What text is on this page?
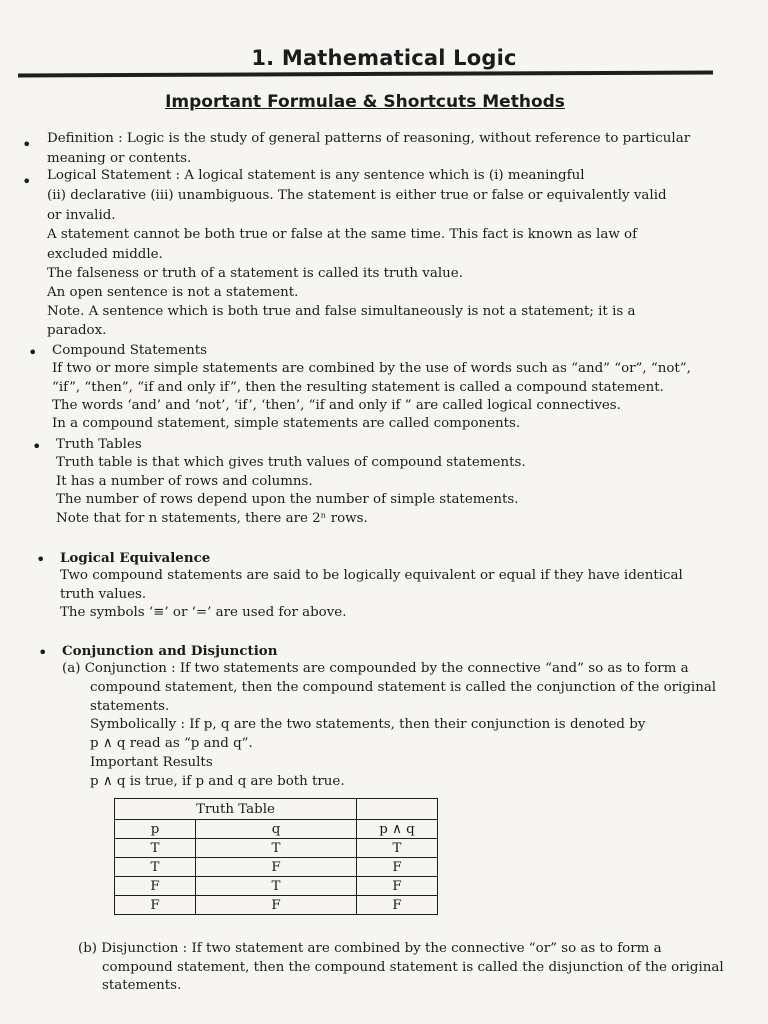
1. Mathematical Logic
Important Formulae & Shortcuts Methods
• Definition : Logic is the study of general patterns of reasoning, without reference to particular
meaning or contents.
• Logical Statement : A logical statement is any sentence which is (i) meaningful
(ii) declarative (iii) unambiguous. The statement is either true or false or equivalently valid
or invalid.
A statement cannot be both true or false at the same time. This fact is known as law of
excluded middle.
The falseness or truth of a statement is called its truth value.
An open sentence is not a statement.
Note. A sentence which is both true and false simultaneously is not a statement; it is a
paradox.
• Compound Statements
If two or more simple statements are combined by the use of words such as “and” “or”, “not”,
“if”, “then”, “if and only if”, then the resulting statement is called a compound statement.
The words ‘and’ and ‘not’, ‘if’, ‘then’, “if and only if ” are called logical connectives.
In a compound statement, simple statements are called components.
• Truth Tables
Truth table is that which gives truth values of compound statements.
It has a number of rows and columns.
The number of rows depend upon the number of simple statements.
Note that for n statements, there are 2ⁿ rows.
• Logical Equivalence
Two compound statements are said to be logically equivalent or equal if they have identical
truth values.
The symbols ‘≡’ or ‘=’ are used for above.
• Conjunction and Disjunction
(a) Conjunction : If two statements are compounded by the connective “and” so as to form a
compound statement, then the compound statement is called the conjunction of the original
statements.
Symbolically : If p, q are the two statements, then their conjunction is denoted by
p ∧ q read as “p and q”.
Important Results
p ∧ q is true, if p and q are both true.
Truth Table		
p	q	p ∧ q
T	T	T
T	F	F
F	T	F
F	F	F
(b) Disjunction : If two statement are combined by the connective “or” so as to form a
compound statement, then the compound statement is called the disjunction of the original
statements.
